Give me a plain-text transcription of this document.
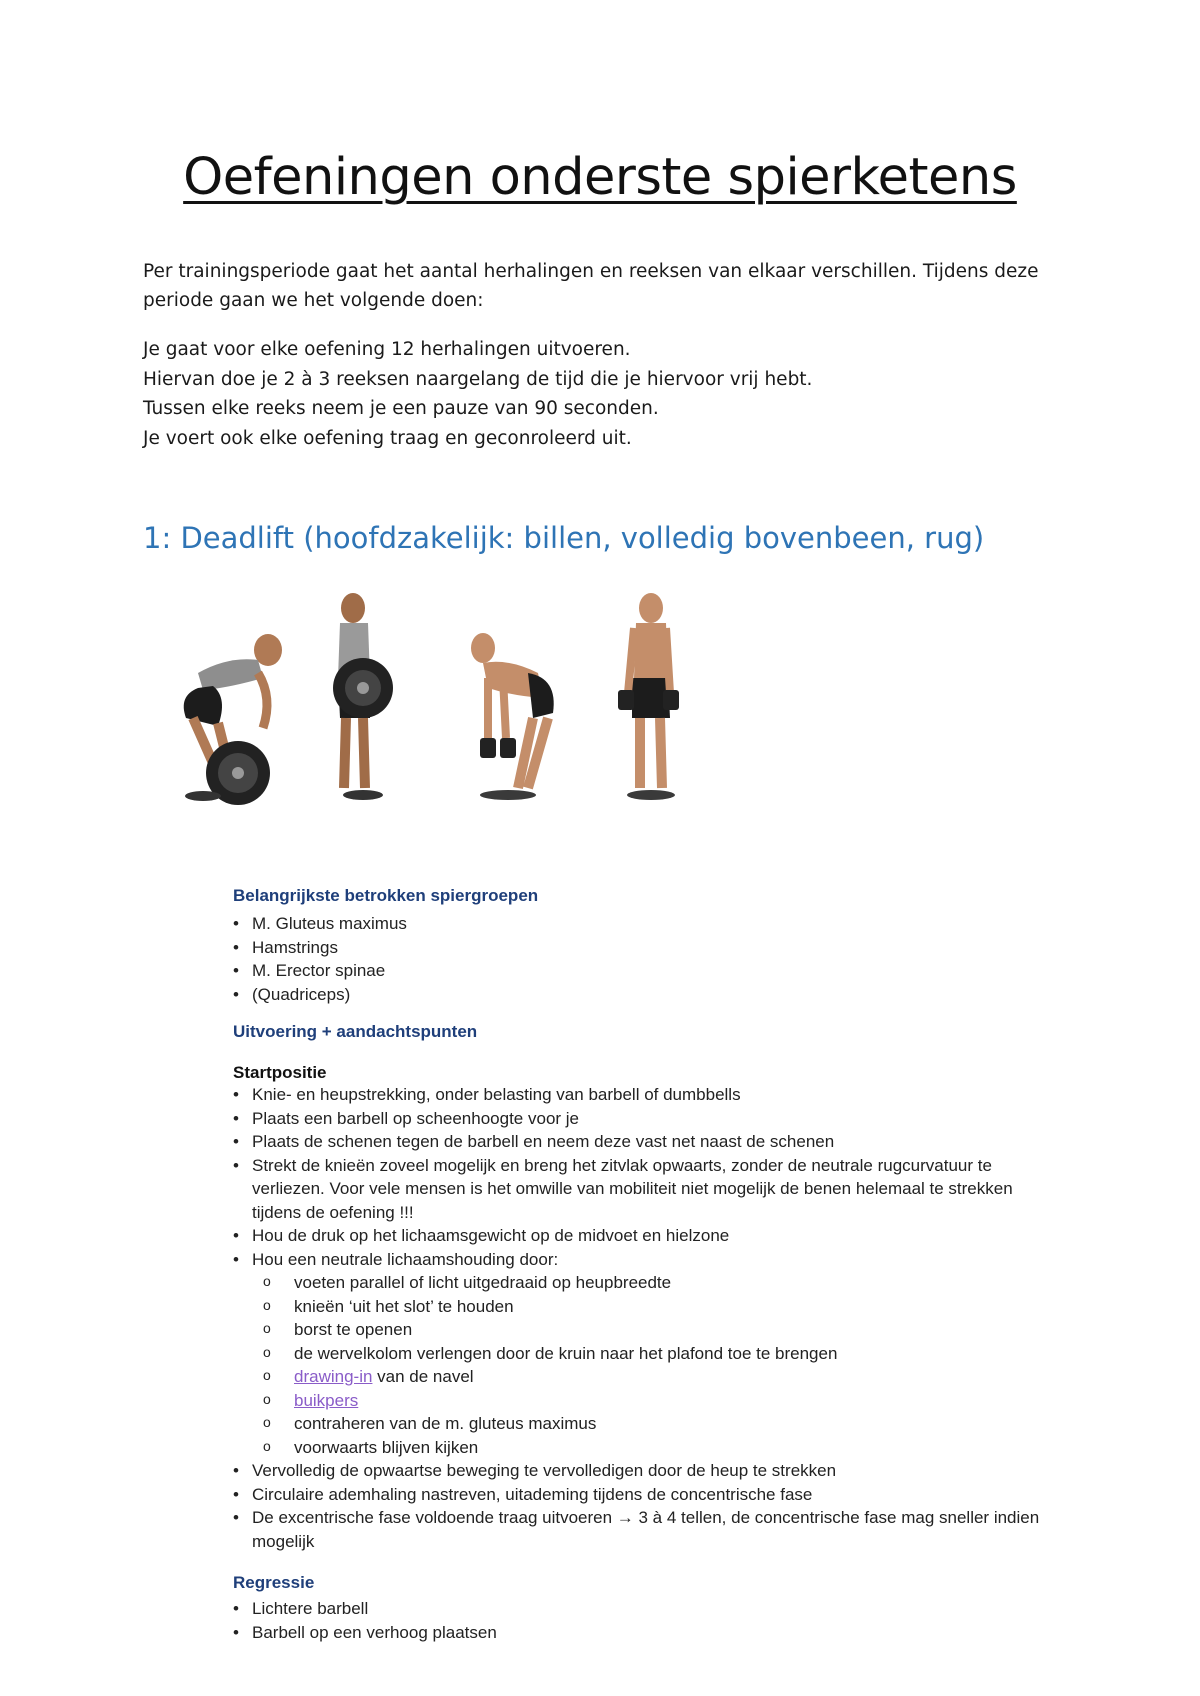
Oefeningen onderste spierketens

Per trainingsperiode gaat het aantal herhalingen en reeksen van elkaar verschillen. Tijdens deze periode gaan we het volgende doen:

Je gaat voor elke oefening 12 herhalingen uitvoeren.
Hiervan doe je 2 à 3 reeksen naargelang de tijd die je hiervoor vrij hebt.
Tussen elke reeks neem je een pauze van 90 seconden.
Je voert ook elke oefening traag en geconroleerd uit.
1: Deadlift (hoofdzakelijk: billen, volledig bovenbeen, rug)
Belangrijkste betrokken spiergroepen
• M. Gluteus maximus
• Hamstrings
• M. Erector spinae
• (Quadriceps)
Uitvoering + aandachtspunten
Startpositie
• Knie- en heupstrekking, onder belasting van barbell of dumbbells
• Plaats een barbell op scheenhoogte voor je
• Plaats de schenen tegen de barbell en neem deze vast net naast de schenen
• Strekt de knieën zoveel mogelijk en breng het zitvlak opwaarts, zonder de neutrale rugcurvatuur te verliezen. Voor vele mensen is het omwille van mobiliteit niet mogelijk de benen helemaal te strekken tijdens de oefening !!!
• Hou de druk op het lichaamsgewicht op de midvoet en hielzone
• Hou een neutrale lichaamshouding door:
o voeten parallel of licht uitgedraaid op heupbreedte
o knieën ‘uit het slot’ te houden
o borst te openen
o de wervelkolom verlengen door de kruin naar het plafond toe te brengen
o drawing-in van de navel
o buikpers
o contraheren van de m. gluteus maximus
o voorwaarts blijven kijken
• Vervolledig de opwaartse beweging te vervolledigen door de heup te strekken
• Circulaire ademhaling nastreven, uitademing tijdens de concentrische fase
• De excentrische fase voldoende traag uitvoeren → 3 à 4 tellen, de concentrische fase mag sneller indien mogelijk
Regressie
• Lichtere barbell
• Barbell op een verhoog plaatsen
